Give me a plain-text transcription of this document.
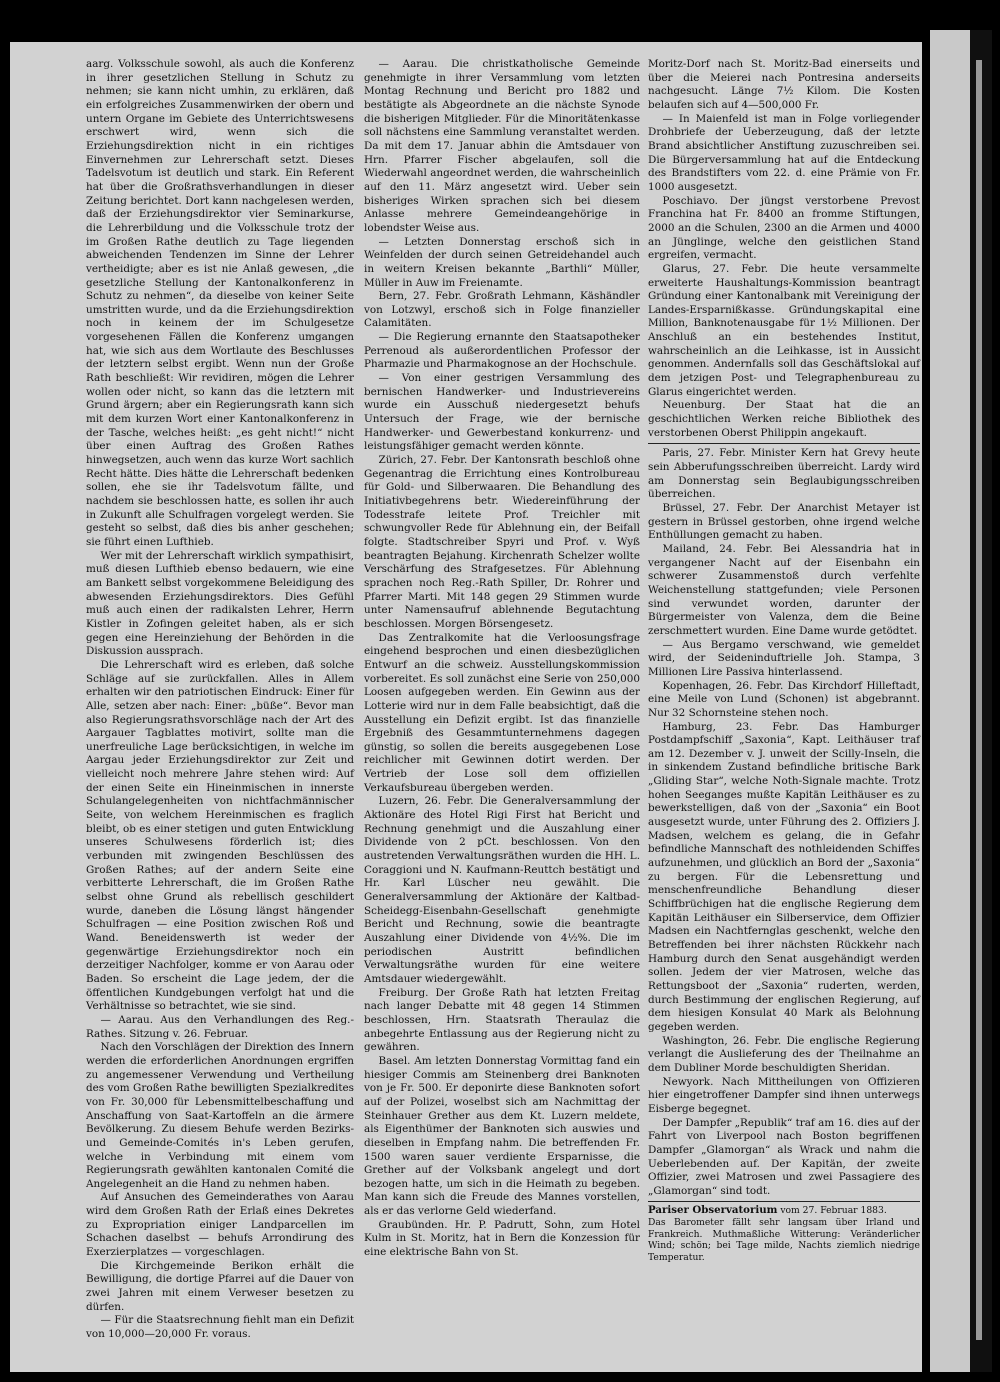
aarg. Volksschule sowohl, als auch die Konferenz in ihrer gesetzlichen Stellung in Schutz zu nehmen; sie kann nicht umhin, zu erklären, daß ein erfolgreiches Zusammenwirken der obern und untern Organe im Gebiete des Unterrichtswesens erschwert wird, wenn sich die Erziehungsdirektion nicht in ein richtiges Einvernehmen zur Lehrerschaft setzt. Dieses Tadelsvotum ist deutlich und stark. Ein Referent hat über die Großrathsverhandlungen in dieser Zeitung berichtet. Dort kann nachgelesen werden, daß der Erziehungsdirektor vier Seminarkurse, die Lehrerbildung und die Volksschule trotz der im Großen Rathe deutlich zu Tage liegenden abweichenden Tendenzen im Sinne der Lehrer vertheidigte; aber es ist nie Anlaß gewesen, „die gesetzliche Stellung der Kantonalkonferenz in Schutz zu nehmen“, da dieselbe von keiner Seite umstritten wurde, und da die Erziehungsdirektion noch in keinem der im Schulgesetze vorgesehenen Fällen die Konferenz umgangen hat, wie sich aus dem Wortlaute des Beschlusses der letztern selbst ergibt. Wenn nun der Große Rath beschließt: Wir revidiren, mögen die Lehrer wollen oder nicht, so kann das die letztern mit Grund ärgern; aber ein Regierungsrath kann sich mit dem kurzen Wort einer Kantonalkonferenz in der Tasche, welches heißt: „es geht nicht!“ nicht über einen Auftrag des Großen Rathes hinwegsetzen, auch wenn das kurze Wort sachlich Recht hätte. Dies hätte die Lehrerschaft bedenken sollen, ehe sie ihr Tadelsvotum fällte, und nachdem sie beschlossen hatte, es sollen ihr auch in Zukunft alle Schulfragen vorgelegt werden. Sie gesteht so selbst, daß dies bis anher geschehen; sie führt einen Lufthieb.

Wer mit der Lehrerschaft wirklich sympathisirt, muß diesen Lufthieb ebenso bedauern, wie eine am Bankett selbst vorgekommene Beleidigung des abwesenden Erziehungsdirektors. Dies Gefühl muß auch einen der radikalsten Lehrer, Herrn Kistler in Zofingen geleitet haben, als er sich gegen eine Hereinziehung der Behörden in die Diskussion aussprach.

Die Lehrerschaft wird es erleben, daß solche Schläge auf sie zurückfallen. Alles in Allem erhalten wir den patriotischen Eindruck: Einer für Alle, setzen aber nach: Einer: „büße“. Bevor man also Regierungsrathsvorschläge nach der Art des Aargauer Tagblattes motivirt, sollte man die unerfreuliche Lage berücksichtigen, in welche im Aargau jeder Erziehungsdirektor zur Zeit und vielleicht noch mehrere Jahre stehen wird: Auf der einen Seite ein Hineinmischen in innerste Schulangelegenheiten von nichtfachmännischer Seite, von welchem Hereinmischen es fraglich bleibt, ob es einer stetigen und guten Entwicklung unseres Schulwesens förderlich ist; dies verbunden mit zwingenden Beschlüssen des Großen Rathes; auf der andern Seite eine verbitterte Lehrerschaft, die im Großen Rathe selbst ohne Grund als rebellisch geschildert wurde, daneben die Lösung längst hängender Schulfragen — eine Position zwischen Roß und Wand. Beneidenswerth ist weder der gegenwärtige Erziehungsdirektor noch ein derzeitiger Nachfolger, komme er von Aarau oder Baden. So erscheint die Lage jedem, der die öffentlichen Kundgebungen verfolgt hat und die Verhältnisse so betrachtet, wie sie sind.

— Aarau. Aus den Verhandlungen des Reg.-Rathes. Sitzung v. 26. Februar.

Nach den Vorschlägen der Direktion des Innern werden die erforderlichen Anordnungen ergriffen zu angemessener Verwendung und Vertheilung des vom Großen Rathe bewilligten Spezialkredites von Fr. 30,000 für Lebensmittelbeschaffung und Anschaffung von Saat-Kartoffeln an die ärmere Bevölkerung. Zu diesem Behufe werden Bezirks- und Gemeinde-Comités in's Leben gerufen, welche in Verbindung mit einem vom Regierungsrath gewählten kantonalen Comité die Angelegenheit an die Hand zu nehmen haben.

Auf Ansuchen des Gemeinderathes von Aarau wird dem Großen Rath der Erlaß eines Dekretes zu Expropriation einiger Landparcellen im Schachen daselbst — behufs Arrondirung des Exerzierplatzes — vorgeschlagen.

Die Kirchgemeinde Berikon erhält die Bewilligung, die dortige Pfarrei auf die Dauer von zwei Jahren mit einem Verweser besetzen zu dürfen.

— Für die Staatsrechnung fiehlt man ein Defizit von 10,000—20,000 Fr. voraus.

— Aarau. Die christkatholische Gemeinde genehmigte in ihrer Versammlung vom letzten Montag Rechnung und Bericht pro 1882 und bestätigte als Abgeordnete an die nächste Synode die bisherigen Mitglieder. Für die Minoritätenkasse soll nächstens eine Sammlung veranstaltet werden. Da mit dem 17. Januar abhin die Amtsdauer von Hrn. Pfarrer Fischer abgelaufen, soll die Wiederwahl angeordnet werden, die wahrscheinlich auf den 11. März angesetzt wird. Ueber sein bisheriges Wirken sprachen sich bei diesem Anlasse mehrere Gemeindeangehörige in lobendster Weise aus.

— Letzten Donnerstag erschoß sich in Weinfelden der durch seinen Getreidehandel auch in weitern Kreisen bekannte „Barthli“ Müller, Müller in Auw im Freienamte.

Bern, 27. Febr. Großrath Lehmann, Käshändler von Lotzwyl, erschoß sich in Folge finanzieller Calamitäten.

— Die Regierung ernannte den Staatsapotheker Perrenoud als außerordentlichen Professor der Pharmazie und Pharmakognose an der Hochschule.

— Von einer gestrigen Versammlung des bernischen Handwerker- und Industrievereins wurde ein Ausschuß niedergesetzt behufs Untersuch der Frage, wie der bernische Handwerker- und Gewerbestand konkurrenz- und leistungsfähiger gemacht werden könnte.

Zürich, 27. Febr. Der Kantonsrath beschloß ohne Gegenantrag die Errichtung eines Kontrolbureau für Gold- und Silberwaaren. Die Behandlung des Initiativbegehrens betr. Wiedereinführung der Todesstrafe leitete Prof. Treichler mit schwungvoller Rede für Ablehnung ein, der Beifall folgte. Stadtschreiber Spyri und Prof. v. Wyß beantragten Bejahung. Kirchenrath Schelzer wollte Verschärfung des Strafgesetzes. Für Ablehnung sprachen noch Reg.-Rath Spiller, Dr. Rohrer und Pfarrer Marti. Mit 148 gegen 29 Stimmen wurde unter Namensaufruf ablehnende Begutachtung beschlossen. Morgen Börsengesetz.

Das Zentralkomite hat die Verloosungsfrage eingehend besprochen und einen diesbezüglichen Entwurf an die schweiz. Ausstellungskommission vorbereitet. Es soll zunächst eine Serie von 250,000 Loosen aufgegeben werden. Ein Gewinn aus der Lotterie wird nur in dem Falle beabsichtigt, daß die Ausstellung ein Defizit ergibt. Ist das finanzielle Ergebniß des Gesammtunternehmens dagegen günstig, so sollen die bereits ausgegebenen Lose reichlicher mit Gewinnen dotirt werden. Der Vertrieb der Lose soll dem offiziellen Verkaufsbureau übergeben werden.

Luzern, 26. Febr. Die Generalversammlung der Aktionäre des Hotel Rigi First hat Bericht und Rechnung genehmigt und die Auszahlung einer Dividende von 2 pCt. beschlossen. Von den austretenden Verwaltungsräthen wurden die HH. L. Coraggioni und N. Kaufmann-Reuttch bestätigt und Hr. Karl Lüscher neu gewählt. Die Generalversammlung der Aktionäre der Kaltbad-Scheidegg-Eisenbahn-Gesellschaft genehmigte Bericht und Rechnung, sowie die beantragte Auszahlung einer Dividende von 4½%. Die im periodischen Austritt befindlichen Verwaltungsräthe wurden für eine weitere Amtsdauer wiedergewählt.

Freiburg. Der Große Rath hat letzten Freitag nach langer Debatte mit 48 gegen 14 Stimmen beschlossen, Hrn. Staatsrath Theraulaz die anbegehrte Entlassung aus der Regierung nicht zu gewähren.

Basel. Am letzten Donnerstag Vormittag fand ein hiesiger Commis am Steinenberg drei Banknoten von je Fr. 500. Er deponirte diese Banknoten sofort auf der Polizei, woselbst sich am Nachmittag der Steinhauer Grether aus dem Kt. Luzern meldete, als Eigenthümer der Banknoten sich auswies und dieselben in Empfang nahm. Die betreffenden Fr. 1500 waren sauer verdiente Ersparnisse, die Grether auf der Volksbank angelegt und dort bezogen hatte, um sich in die Heimath zu begeben. Man kann sich die Freude des Mannes vorstellen, als er das verlorne Geld wiederfand.

Graubünden. Hr. P. Padrutt, Sohn, zum Hotel Kulm in St. Moritz, hat in Bern die Konzession für eine elektrische Bahn von St.

Moritz-Dorf nach St. Moritz-Bad einerseits und über die Meierei nach Pontresina anderseits nachgesucht. Länge 7½ Kilom. Die Kosten belaufen sich auf 4—500,000 Fr.

— In Maienfeld ist man in Folge vorliegender Drohbriefe der Ueberzeugung, daß der letzte Brand absichtlicher Anstiftung zuzuschreiben sei. Die Bürgerversammlung hat auf die Entdeckung des Brandstifters vom 22. d. eine Prämie von Fr. 1000 ausgesetzt.

Poschiavo. Der jüngst verstorbene Prevost Franchina hat Fr. 8400 an fromme Stiftungen, 2000 an die Schulen, 2300 an die Armen und 4000 an Jünglinge, welche den geistlichen Stand ergreifen, vermacht.

Glarus, 27. Febr. Die heute versammelte erweiterte Haushaltungs-Kommission beantragt Gründung einer Kantonalbank mit Vereinigung der Landes-Ersparnißkasse. Gründungskapital eine Million, Banknotenausgabe für 1½ Millionen. Der Anschluß an ein bestehendes Institut, wahrscheinlich an die Leihkasse, ist in Aussicht genommen. Andernfalls soll das Geschäftslokal auf dem jetzigen Post- und Telegraphenbureau zu Glarus eingerichtet werden.

Neuenburg. Der Staat hat die an geschichtlichen Werken reiche Bibliothek des verstorbenen Oberst Philippin angekauft.

Paris, 27. Febr. Minister Kern hat Grevy heute sein Abberufungsschreiben überreicht. Lardy wird am Donnerstag sein Beglaubigungsschreiben überreichen.

Brüssel, 27. Febr. Der Anarchist Metayer ist gestern in Brüssel gestorben, ohne irgend welche Enthüllungen gemacht zu haben.

Mailand, 24. Febr. Bei Alessandria hat in vergangener Nacht auf der Eisenbahn ein schwerer Zusammenstoß durch verfehlte Weichenstellung stattgefunden; viele Personen sind verwundet worden, darunter der Bürgermeister von Valenza, dem die Beine zerschmettert wurden. Eine Dame wurde getödtet.

— Aus Bergamo verschwand, wie gemeldet wird, der Seideninduftrielle Joh. Stampa, 3 Millionen Lire Passiva hinterlassend.

Kopenhagen, 26. Febr. Das Kirchdorf Hilleftadt, eine Meile von Lund (Schonen) ist abgebrannt. Nur 32 Schornsteine stehen noch.

Hamburg, 23. Febr. Das Hamburger Postdampfschiff „Saxonia“, Kapt. Leithäuser traf am 12. Dezember v. J. unweit der Scilly-Inseln, die in sinkendem Zustand befindliche britische Bark „Gliding Star“, welche Noth-Signale machte. Trotz hohen Seeganges mußte Kapitän Leithäuser es zu bewerkstelligen, daß von der „Saxonia“ ein Boot ausgesetzt wurde, unter Führung des 2. Offiziers J. Madsen, welchem es gelang, die in Gefahr befindliche Mannschaft des nothleidenden Schiffes aufzunehmen, und glücklich an Bord der „Saxonia“ zu bergen. Für die Lebensrettung und menschenfreundliche Behandlung dieser Schiffbrüchigen hat die englische Regierung dem Kapitän Leithäuser ein Silberservice, dem Offizier Madsen ein Nachtfernglas geschenkt, welche den Betreffenden bei ihrer nächsten Rückkehr nach Hamburg durch den Senat ausgehändigt werden sollen. Jedem der vier Matrosen, welche das Rettungsboot der „Saxonia“ ruderten, werden, durch Bestimmung der englischen Regierung, auf dem hiesigen Konsulat 40 Mark als Belohnung gegeben werden.

Washington, 26. Febr. Die englische Regierung verlangt die Auslieferung des der Theilnahme an dem Dubliner Morde beschuldigten Sheridan.

Newyork. Nach Mittheilungen von Offizieren hier eingetroffener Dampfer sind ihnen unterwegs Eisberge begegnet.

Der Dampfer „Republik“ traf am 16. dies auf der Fahrt von Liverpool nach Boston begriffenen Dampfer „Glamorgan“ als Wrack und nahm die Ueberlebenden auf. Der Kapitän, der zweite Offizier, zwei Matrosen und zwei Passagiere des „Glamorgan“ sind todt.

Pariser Observatorium vom 27. Februar 1883.
Das Barometer fällt sehr langsam über Irland und Frankreich. Muthmaßliche Witterung: Veränderlicher Wind; schön; bei Tage milde, Nachts ziemlich niedrige Temperatur.
